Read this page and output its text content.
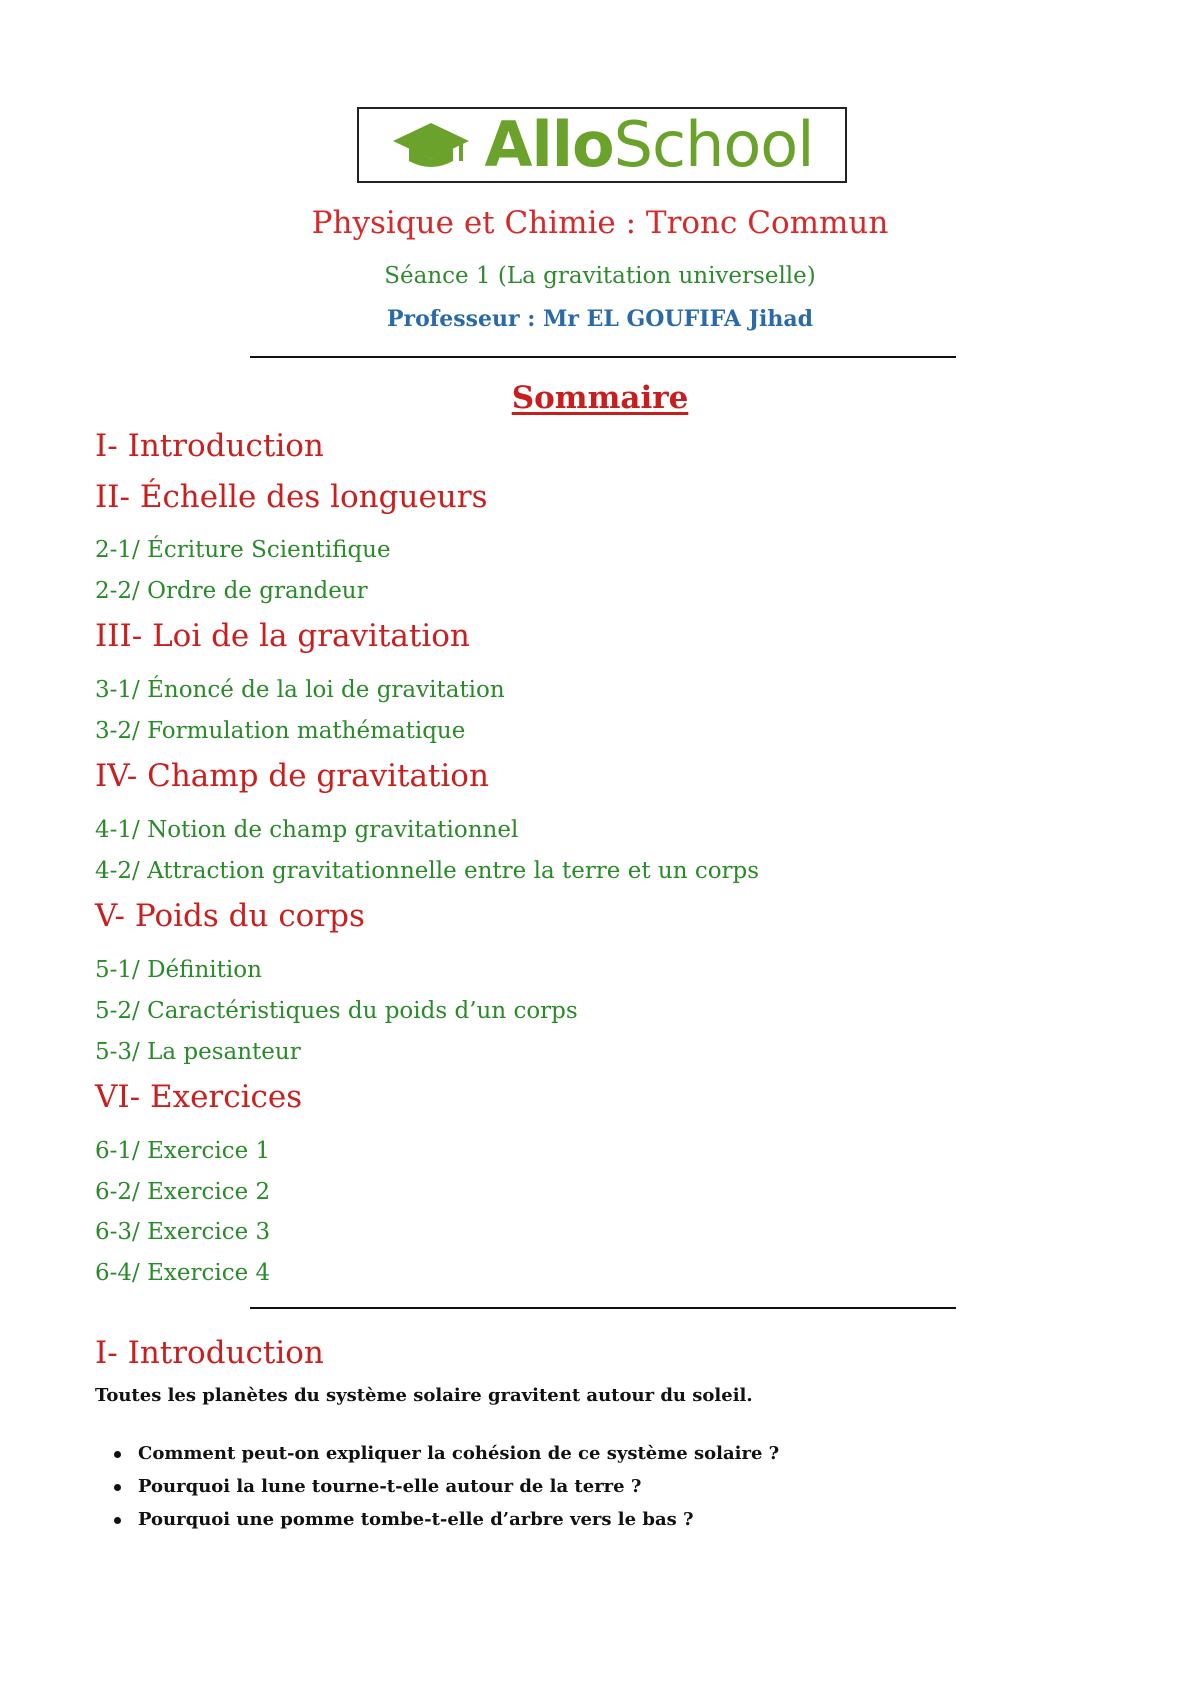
AlloSchool
Physique et Chimie : Tronc Commun
Séance 1 (La gravitation universelle)
Professeur : Mr EL GOUFIFA Jihad
Sommaire
I- Introduction
II- Échelle des longueurs
2-1/ Écriture Scientifique
2-2/ Ordre de grandeur
III- Loi de la gravitation
3-1/ Énoncé de la loi de gravitation
3-2/ Formulation mathématique
IV- Champ de gravitation
4-1/ Notion de champ gravitationnel
4-2/ Attraction gravitationnelle entre la terre et un corps
V- Poids du corps
5-1/ Définition
5-2/ Caractéristiques du poids d’un corps
5-3/ La pesanteur
VI- Exercices
6-1/ Exercice 1
6-2/ Exercice 2
6-3/ Exercice 3
6-4/ Exercice 4
I- Introduction
Toutes les planètes du système solaire gravitent autour du soleil.
Comment peut-on expliquer la cohésion de ce système solaire ?
Pourquoi la lune tourne-t-elle autour de la terre ?
Pourquoi une pomme tombe-t-elle d’arbre vers le bas ?
